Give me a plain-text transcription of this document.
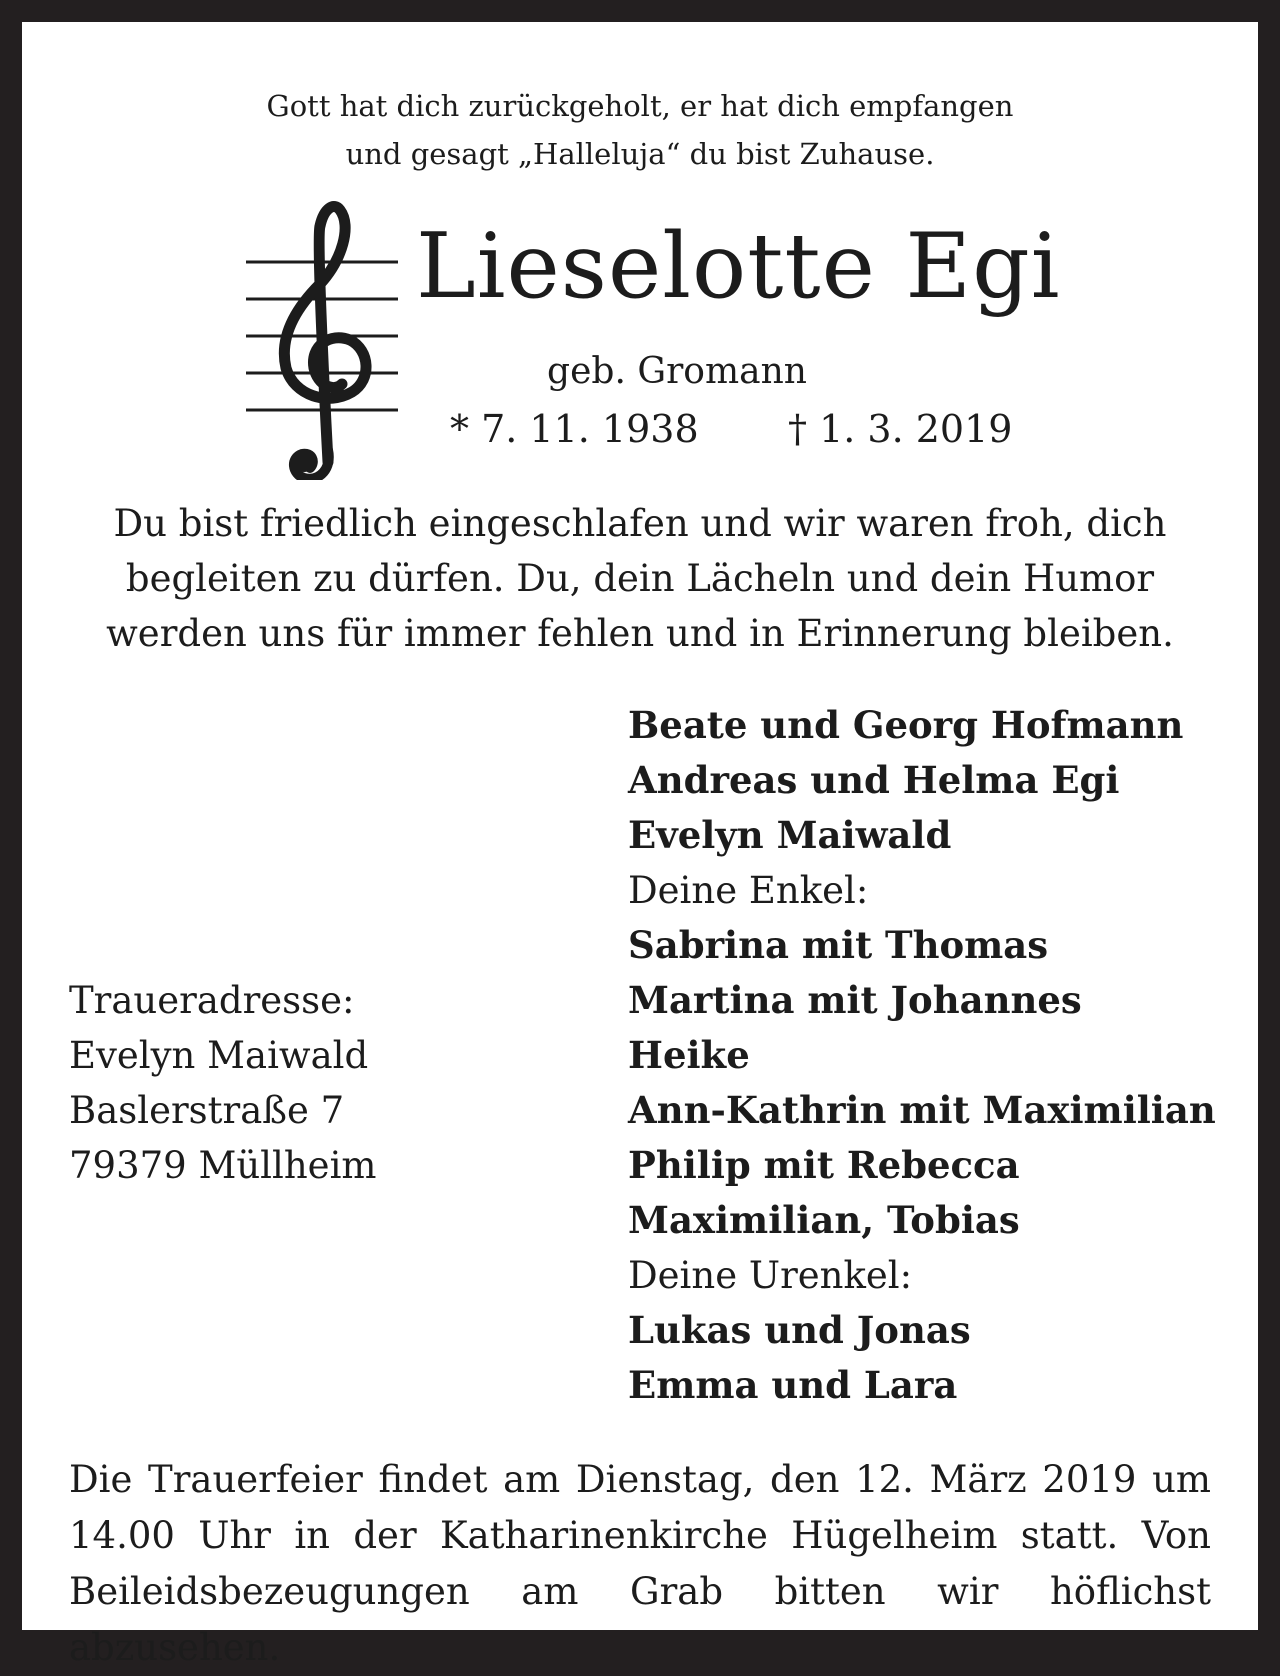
Gott hat dich zurückgeholt, er hat dich empfangen
und gesagt „Halleluja“ du bist Zuhause.
Lieselotte Egi
geb. Gromann
* 7. 11. 1938 † 1. 3. 2019
Du bist friedlich eingeschlafen und wir waren froh, dich
begleiten zu dürfen. Du, dein Lächeln und dein Humor
werden uns für immer fehlen und in Erinnerung bleiben.
Beate und Georg Hofmann
Andreas und Helma Egi
Evelyn Maiwald
Deine Enkel:
Sabrina mit Thomas
Martina mit Johannes
Heike
Ann-Kathrin mit Maximilian
Philip mit Rebecca
Maximilian, Tobias
Deine Urenkel:
Lukas und Jonas
Emma und Lara
Traueradresse:
Evelyn Maiwald
Baslerstraße 7
79379 Müllheim
Die Trauerfeier findet am Dienstag, den 12. März 2019 um
14.00 Uhr in der Katharinenkirche Hügelheim statt. Von
Beileidsbezeugungen am Grab bitten wir höflichst abzusehen.
